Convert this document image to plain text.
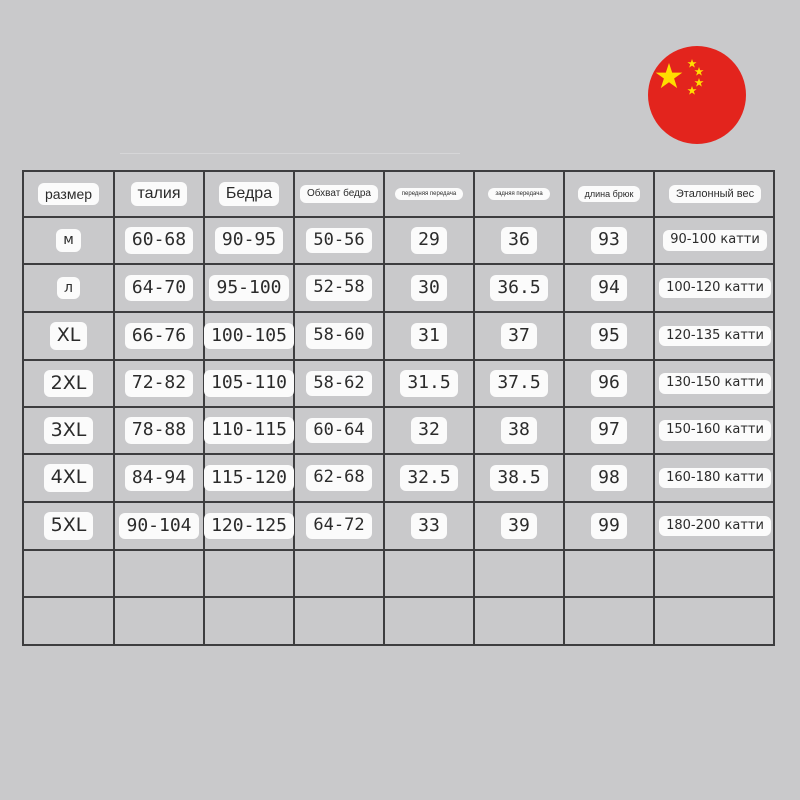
размер	талия	Бедра	Обхват бедра	передняя передача	задняя передача	длина брюк	Эталонный вес
м	60-68	90-95	50-56	29	36	93	90-100 катти
л	64-70	95-100	52-58	30	36.5	94	100-120 катти
XL	66-76	100-105	58-60	31	37	95	120-135 катти
2XL	72-82	105-110	58-62	31.5	37.5	96	130-150 катти
3XL	78-88	110-115	60-64	32	38	97	150-160 катти
4XL	84-94	115-120	62-68	32.5	38.5	98	160-180 катти
5XL	90-104	120-125	64-72	33	39	99	180-200 катти
